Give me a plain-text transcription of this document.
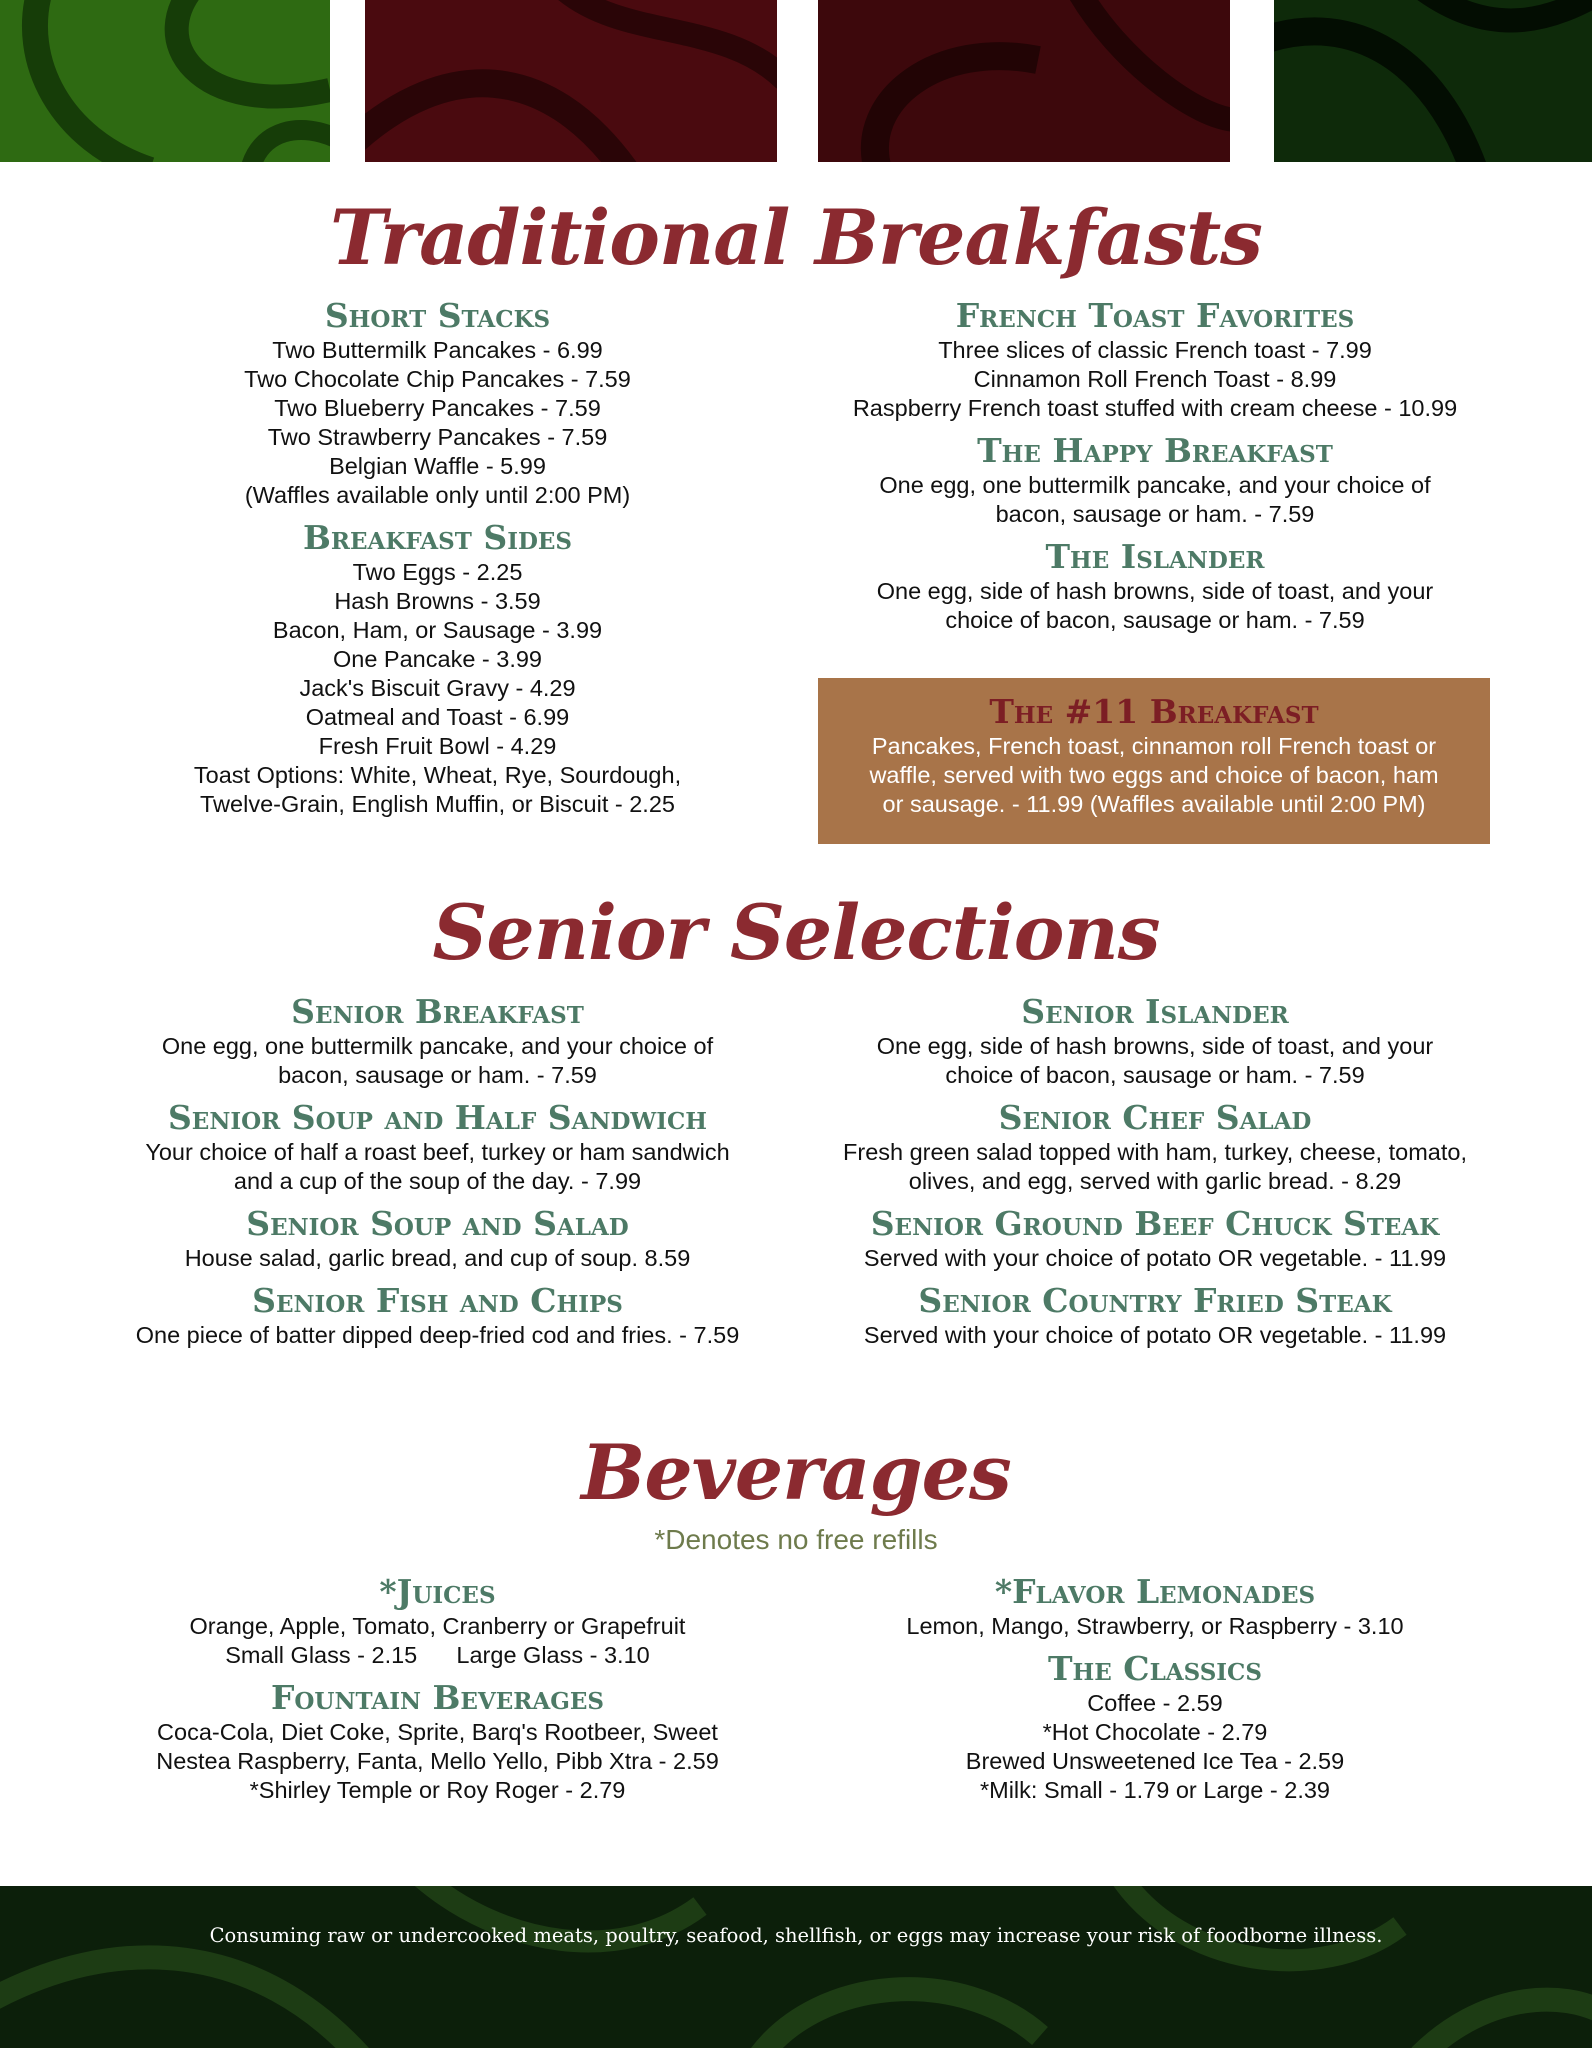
Traditional Breakfasts

Short Stacks

Two Buttermilk Pancakes - 6.99

Two Chocolate Chip Pancakes - 7.59

Two Blueberry Pancakes - 7.59

Two Strawberry Pancakes - 7.59

Belgian Waffle - 5.99

(Waffles available only until 2:00 PM)

Breakfast Sides

Two Eggs - 2.25

Hash Browns - 3.59

Bacon, Ham, or Sausage - 3.99

One Pancake - 3.99

Jack's Biscuit Gravy - 4.29

Oatmeal and Toast - 6.99

Fresh Fruit Bowl - 4.29

Toast Options: White, Wheat, Rye, Sourdough,

Twelve-Grain, English Muffin, or Biscuit - 2.25

French Toast Favorites

Three slices of classic French toast - 7.99

Cinnamon Roll French Toast - 8.99

Raspberry French toast stuffed with cream cheese - 10.99

The Happy Breakfast

One egg, one buttermilk pancake, and your choice of

bacon, sausage or ham. - 7.59

The Islander

One egg, side of hash browns, side of toast, and your

choice of bacon, sausage or ham. - 7.59

The #11 Breakfast

Pancakes, French toast, cinnamon roll French toast or

waffle, served with two eggs and choice of bacon, ham

or sausage. - 11.99 (Waffles available until 2:00 PM)

Senior Selections

Senior Breakfast

One egg, one buttermilk pancake, and your choice of

bacon, sausage or ham. - 7.59

Senior Soup and Half Sandwich

Your choice of half a roast beef, turkey or ham sandwich

and a cup of the soup of the day. - 7.99

Senior Soup and Salad

House salad, garlic bread, and cup of soup. 8.59

Senior Fish and Chips

One piece of batter dipped deep-fried cod and fries. - 7.59

Senior Islander

One egg, side of hash browns, side of toast, and your

choice of bacon, sausage or ham. - 7.59

Senior Chef Salad

Fresh green salad topped with ham, turkey, cheese, tomato,

olives, and egg, served with garlic bread. - 8.29

Senior Ground Beef Chuck Steak

Served with your choice of potato OR vegetable. - 11.99

Senior Country Fried Steak

Served with your choice of potato OR vegetable. - 11.99

Beverages
*Denotes no free refills

*Juices

Orange, Apple, Tomato, Cranberry or Grapefruit

Small Glass - 2.15      Large Glass - 3.10

Fountain Beverages

Coca-Cola, Diet Coke, Sprite, Barq's Rootbeer, Sweet

Nestea Raspberry, Fanta, Mello Yello, Pibb Xtra - 2.59

*Shirley Temple or Roy Roger - 2.79

*Flavor Lemonades

Lemon, Mango, Strawberry, or Raspberry - 3.10

The Classics

Coffee - 2.59

*Hot Chocolate - 2.79

Brewed Unsweetened Ice Tea - 2.59

*Milk: Small - 1.79 or Large - 2.39

Consuming raw or undercooked meats, poultry, seafood, shellfish, or eggs may increase your risk of foodborne illness.
